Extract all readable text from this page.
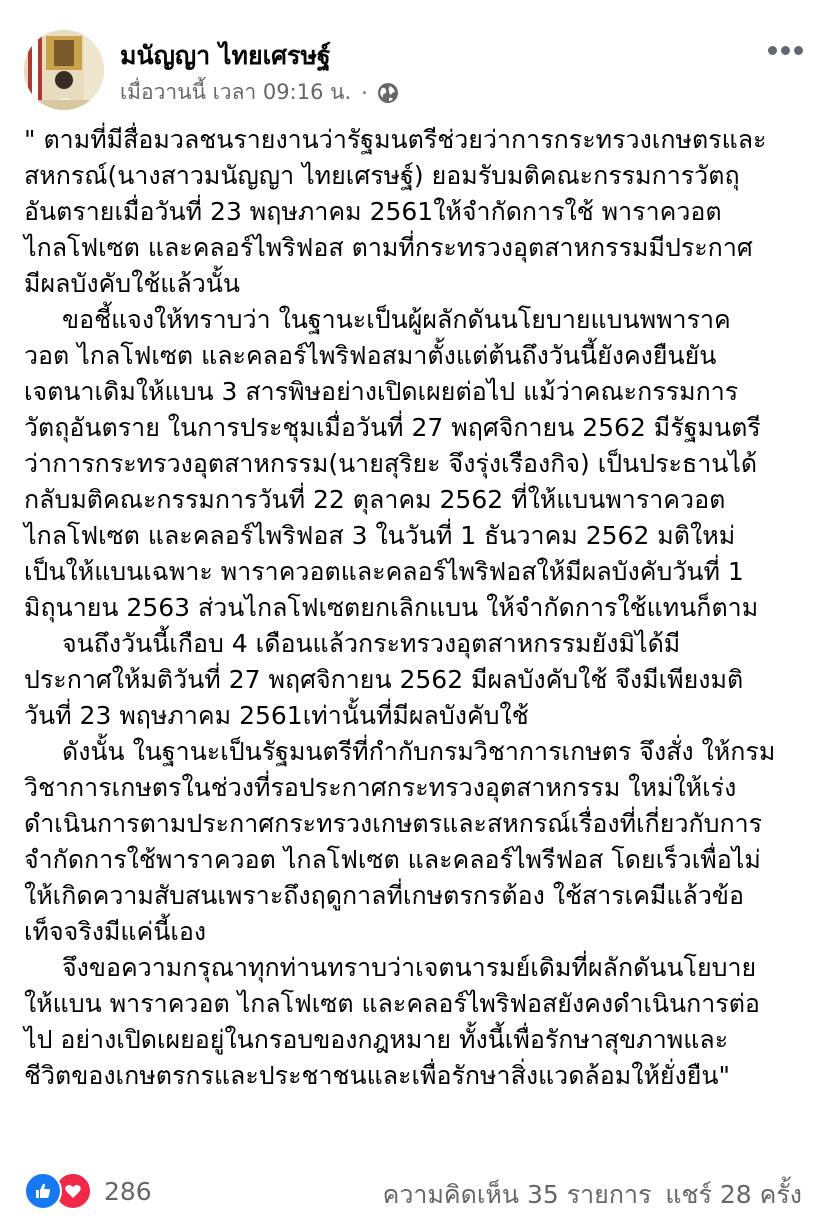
มนัญญา ไทยเศรษฐ์
เมื่อวานนี้ เวลา 09:16 น. ·

" ตามที่มีสื่อมวลชนรายงานว่ารัฐมนตรีช่วยว่าการกระทรวงเกษตรและ
สหกรณ์(นางสาวมนัญญา ไทยเศรษฐ์) ยอมรับมติคณะกรรมการวัตถุ
อันตรายเมื่อวันที่ 23 พฤษภาคม 2561ให้จำกัดการใช้ พาราควอต
ไกลโฟเซต และคลอร์ไพริฟอส ตามที่กระทรวงอุตสาหกรรมมีประกาศ
มีผลบังคับใช้แล้วนั้น

ขอชี้แจงให้ทราบว่า ในฐานะเป็นผู้ผลักดันนโยบายแบนพพาราค
วอต ไกลโฟเซต และคลอร์ไพริฟอสมาตั้งแต่ต้นถึงวันนี้ยังคงยืนยัน
เจตนาเดิมให้แบน 3 สารพิษอย่างเปิดเผยต่อไป แม้ว่าคณะกรรมการ
วัตถุอันตราย ในการประชุมเมื่อวันที่ 27 พฤศจิกายน 2562 มีรัฐมนตรี
ว่าการกระทรวงอุตสาหกรรม(นายสุริยะ จึงรุ่งเรืองกิจ) เป็นประธานได้
กลับมติคณะกรรมการวันที่ 22 ตุลาคม 2562 ที่ให้แบนพาราควอต
ไกลโฟเซต และคลอร์ไพริฟอส 3 ในวันที่ 1 ธันวาคม 2562 มติใหม่
เป็นให้แบนเฉพาะ พาราควอตและคลอร์ไพริฟอสให้มีผลบังคับวันที่ 1
มิถุนายน 2563 ส่วนไกลโฟเซตยกเลิกแบน ให้จำกัดการใช้แทนก็ตาม

จนถึงวันนี้เกือบ 4 เดือนแล้วกระทรวงอุตสาหกรรมยังมิได้มี
ประกาศให้มติวันที่ 27 พฤศจิกายน 2562 มีผลบังคับใช้ จึงมีเพียงมติ
วันที่ 23 พฤษภาคม 2561เท่านั้นที่มีผลบังคับใช้

ดังนั้น ในฐานะเป็นรัฐมนตรีที่กำกับกรมวิชาการเกษตร จึงสั่ง ให้กรม
วิชาการเกษตรในช่วงที่รอประกาศกระทรวงอุตสาหกรรม ใหม่ให้เร่ง
ดำเนินการตามประกาศกระทรวงเกษตรและสหกรณ์เรื่องที่เกี่ยวกับการ
จำกัดการใช้พาราควอต ไกลโฟเซต และคลอร์ไพรีฟอส โดยเร็วเพื่อไม่
ให้เกิดความสับสนเพราะถึงฤดูกาลที่เกษตรกรต้อง ใช้สารเคมีแล้วข้อ
เท็จจริงมีแค่นี้เอง

จึงขอความกรุณาทุกท่านทราบว่าเจตนารมย์เดิมที่ผลักดันนโยบาย
ให้แบน พาราควอต ไกลโฟเซต และคลอร์ไพริฟอสยังคงดำเนินการต่อ
ไป อย่างเปิดเผยอยู่ในกรอบของกฎหมาย ทั้งนี้เพื่อรักษาสุขภาพและ
ชีวิตของเกษตรกรและประชาชนและเพื่อรักษาสิ่งแวดล้อมให้ยั่งยืน"

286	ความคิดเห็น 35 รายการ แชร์ 28 ครั้ง
